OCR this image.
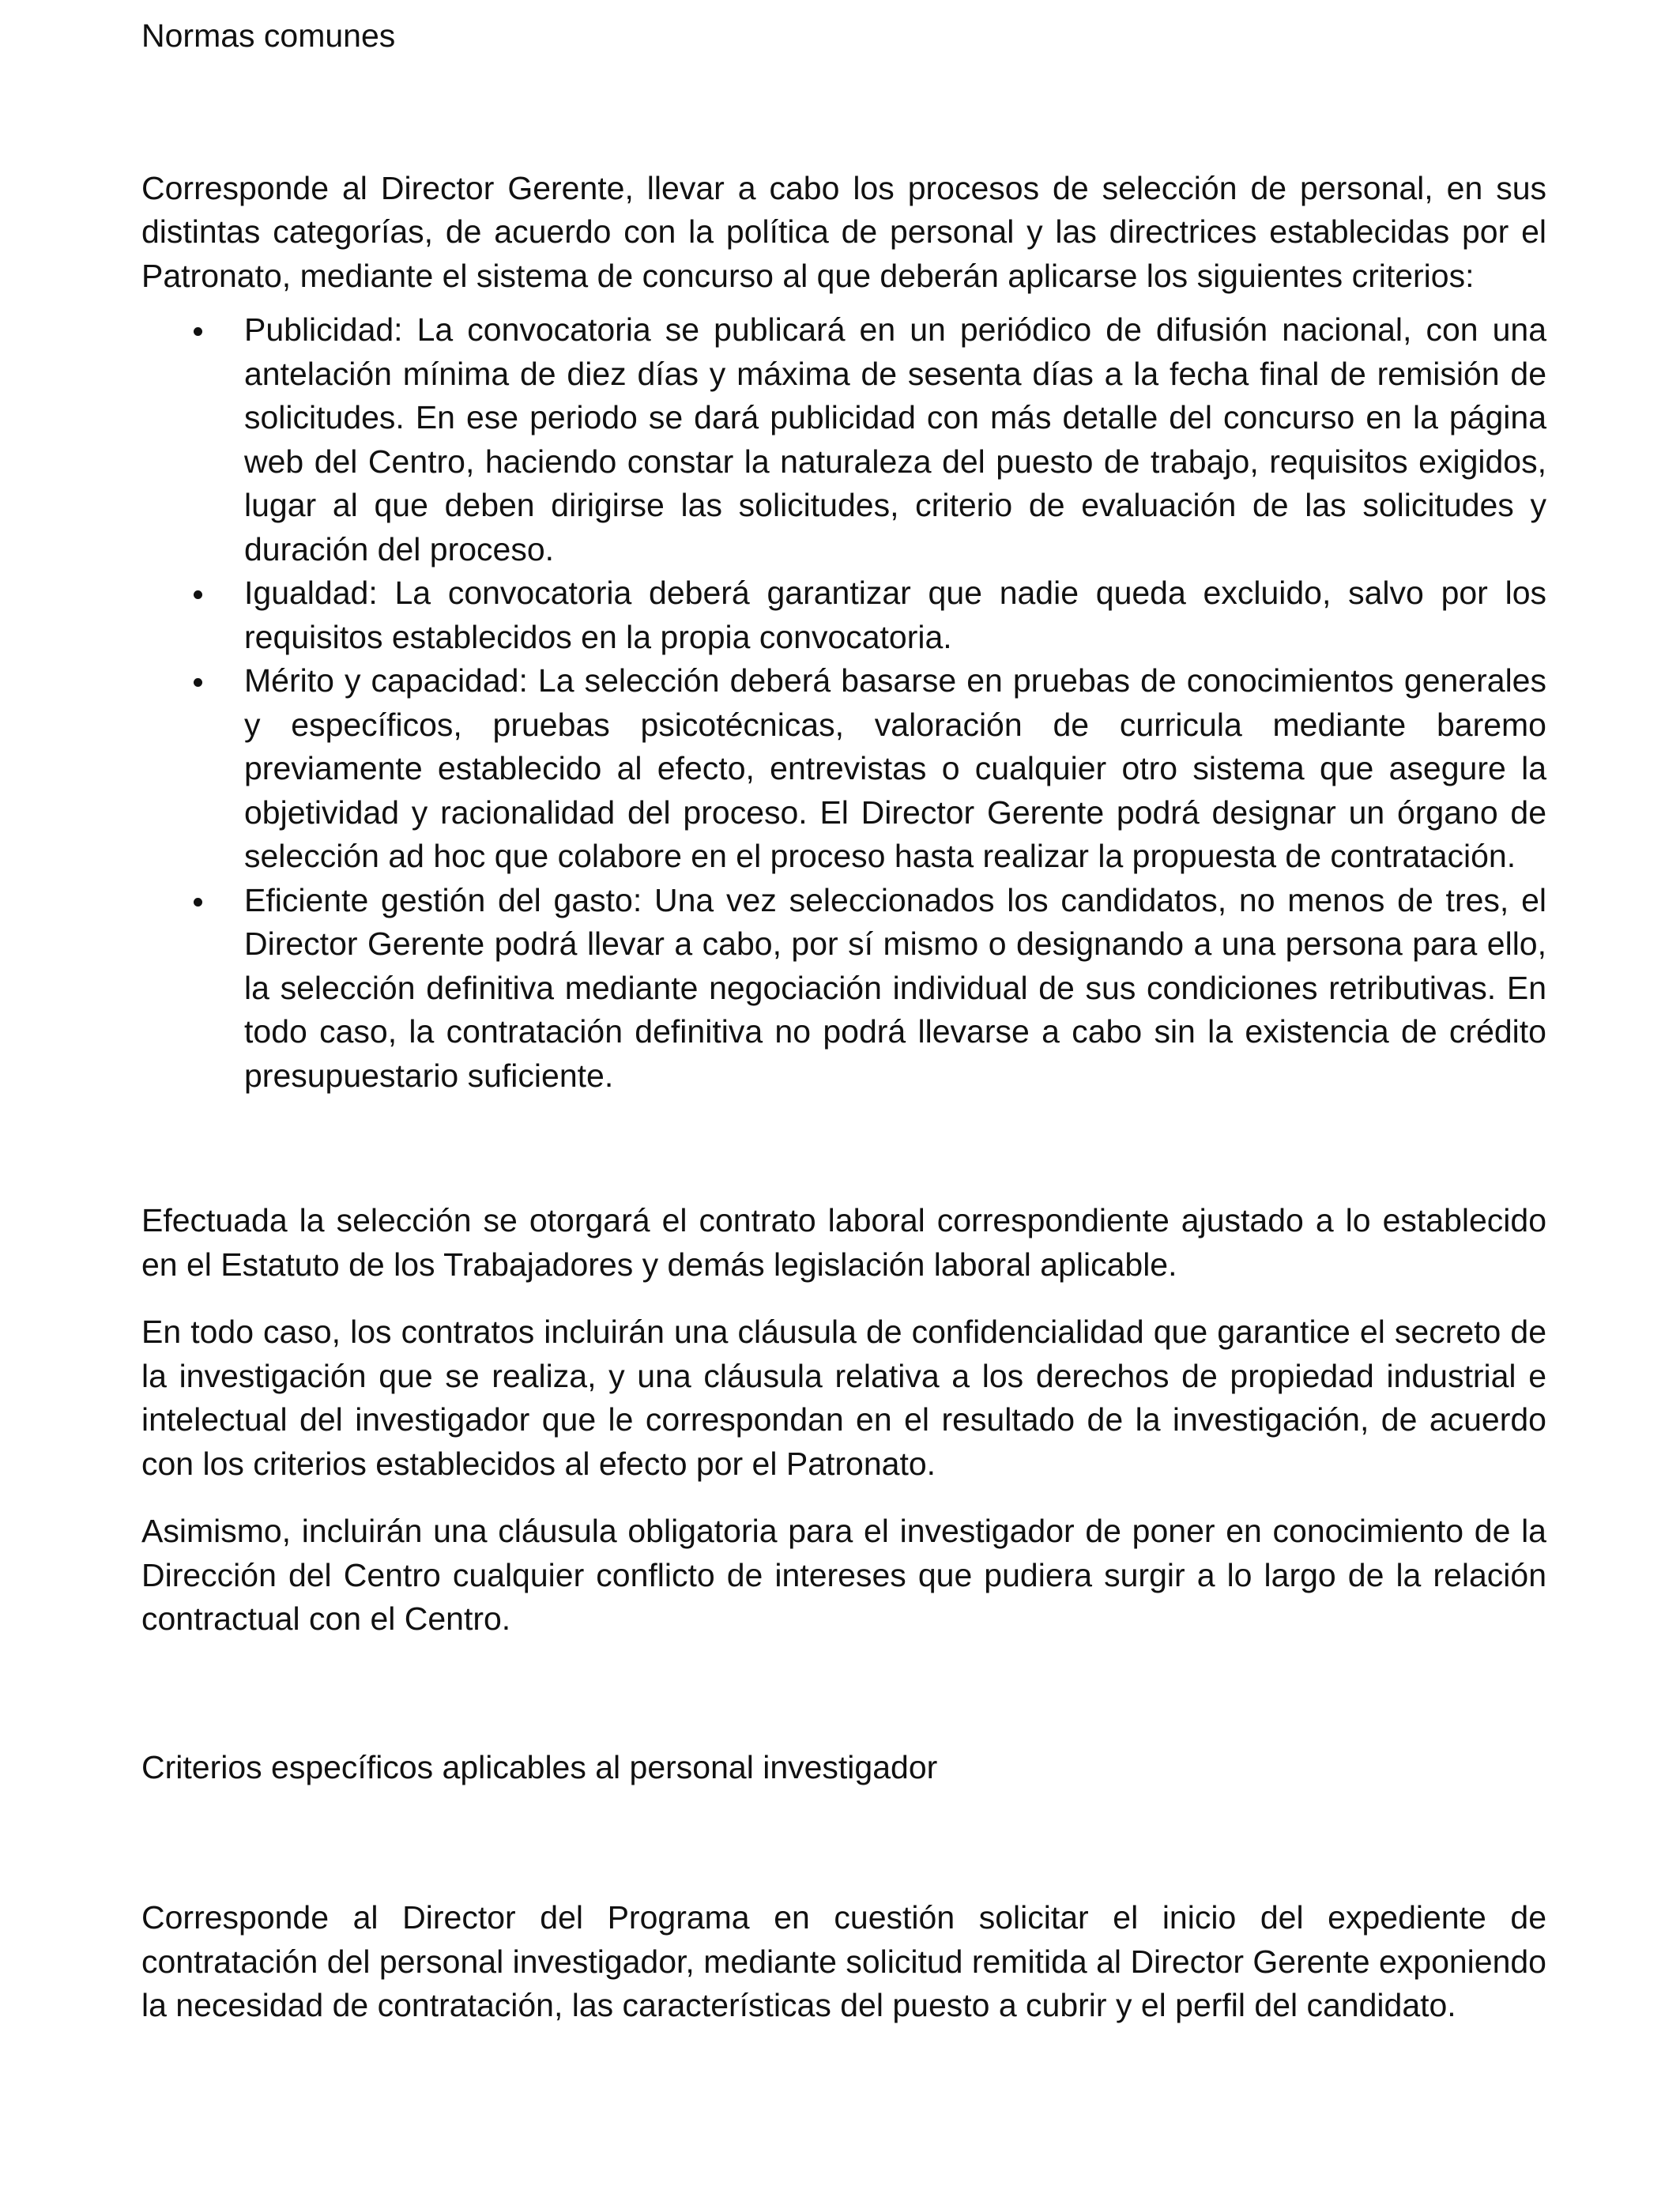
Normas comunes

Corresponde al Director Gerente, llevar a cabo los procesos de selección de personal, en sus distintas categorías, de acuerdo con la política de personal y las directrices establecidas por el Patronato, mediante el sistema de concurso al que deberán aplicarse los siguientes criterios:

Publicidad: La convocatoria se publicará en un periódico de difusión nacional, con una antelación mínima de diez días y máxima de sesenta días a la fecha final de remisión de solicitudes. En ese periodo se dará publicidad con más detalle del concurso en la página web del Centro, haciendo constar la naturaleza del puesto de trabajo, requisitos exigidos, lugar al que deben dirigirse las solicitudes, criterio de evaluación de las solicitudes y duración del proceso.
Igualdad: La convocatoria deberá garantizar que nadie queda excluido, salvo por los requisitos establecidos en la propia convocatoria.
Mérito y capacidad: La selección deberá basarse en pruebas de conocimientos generales y específicos, pruebas psicotécnicas, valoración de curricula mediante baremo previamente establecido al efecto, entrevistas o cualquier otro sistema que asegure la objetividad y racionalidad del proceso. El Director Gerente podrá designar un órgano de selección ad hoc que colabore en el proceso hasta realizar la propuesta de contratación.
Eficiente gestión del gasto: Una vez seleccionados los candidatos, no menos de tres, el Director Gerente podrá llevar a cabo, por sí mismo o designando a una persona para ello, la selección definitiva mediante negociación individual de sus condiciones retributivas. En todo caso, la contratación definitiva no podrá llevarse a cabo sin la existencia de crédito presupuestario suficiente.

Efectuada la selección se otorgará el contrato laboral correspondiente ajustado a lo establecido en el Estatuto de los Trabajadores y demás legislación laboral aplicable.

En todo caso, los contratos incluirán una cláusula de confidencialidad que garantice el secreto de la investigación que se realiza, y una cláusula relativa a los derechos de propiedad industrial e intelectual del investigador que le correspondan en el resultado de la investigación, de acuerdo con los criterios establecidos al efecto por el Patronato.

Asimismo, incluirán una cláusula obligatoria para el investigador de poner en conocimiento de la Dirección del Centro cualquier conflicto de intereses que pudiera surgir a lo largo de la relación contractual con el Centro.

Criterios específicos aplicables al personal investigador

Corresponde al Director del Programa en cuestión solicitar el inicio del expediente de contratación del personal investigador, mediante solicitud remitida al Director Gerente exponiendo la necesidad de contratación, las características del puesto a cubrir y el perfil del candidato.
